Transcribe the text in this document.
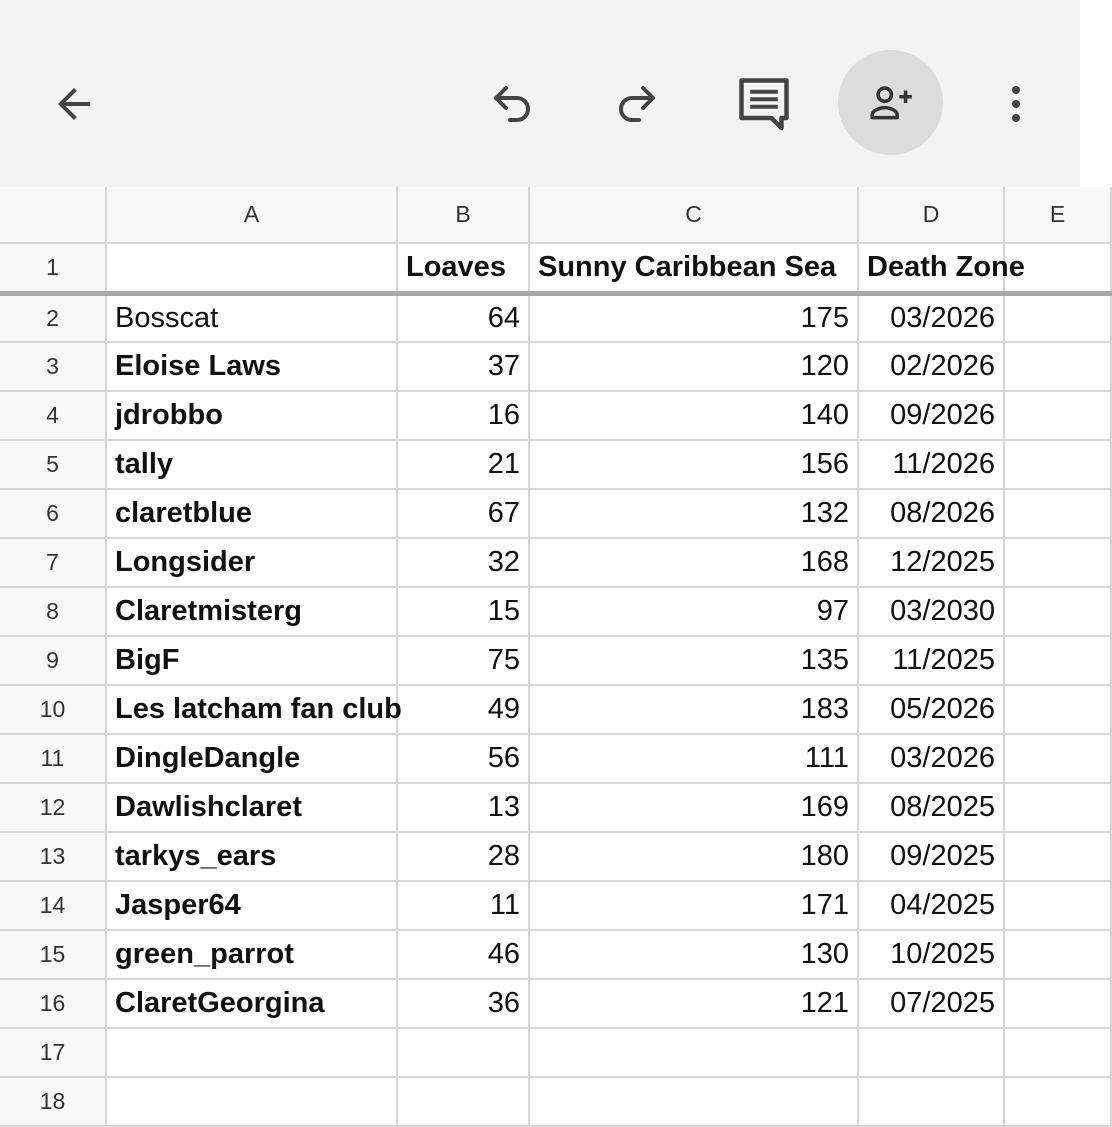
	A	B	C	D	E
1		Loaves	Sunny Caribbean Sea	Death Zone	
2	Bosscat	64	175	03/2026	
3	Eloise Laws	37	120	02/2026	
4	jdrobbo	16	140	09/2026	
5	tally	21	156	11/2026	
6	claretblue	67	132	08/2026	
7	Longsider	32	168	12/2025	
8	Claretmisterg	15	97	03/2030	
9	BigF	75	135	11/2025	
10	Les latcham fan club	49	183	05/2026	
11	DingleDangle	56	111	03/2026	
12	Dawlishclaret	13	169	08/2025	
13	tarkys_ears	28	180	09/2025	
14	Jasper64	11	171	04/2025	
15	green_parrot	46	130	10/2025	
16	ClaretGeorgina	36	121	07/2025	
17					
18					
